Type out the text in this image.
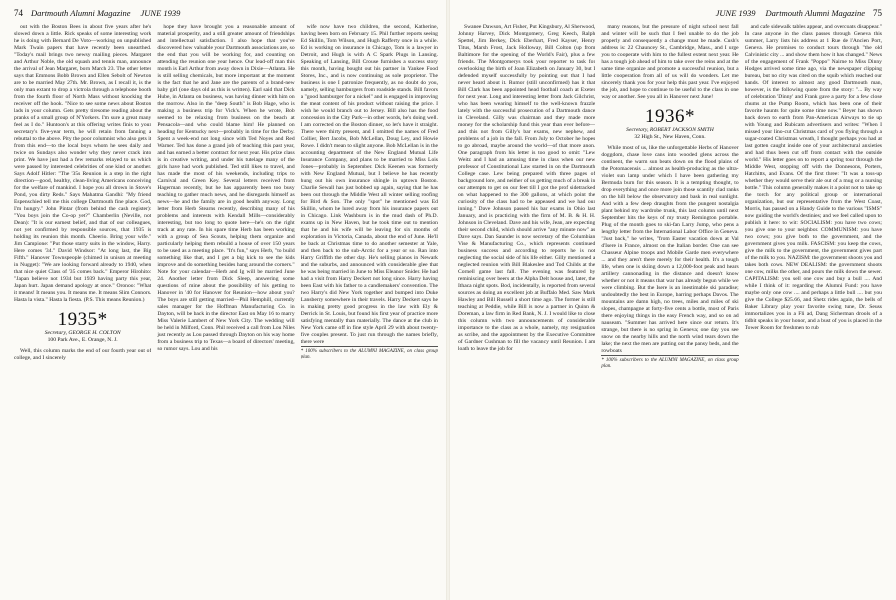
74 Dartmouth Alumni Magazine JUNE 1939

out with the Boston Bees in about five years after he's slowed down a little. Rick speaks of some interesting work he is doing with Bernard De Voto—working on unpublished Mark Twain papers that have recently been unearthed. "Today's mail brings two newsy mailing pieces. Margaret and Arthur Noble, the old squash and tennis man, announce the arrival of Jean Margaret, born March 23. The other letter says that Emmons Bobb Brown and Ellen Sebolt of Newton are to be married May 27th. Mr. Brown, as I recall it, is the only man extant to drop a victrola through a telephone booth from the fourth floor of North Mass without knocking the receiver off the hook. "Nice to see some news about Boston lads in your column. Gets pretty tiresome reading about the pranks of a small group of N'Yorkers. I'm sure a great many feel as I do." Huntoon's at this offering writes finis to your secretary's five-year term, he will retain from fanning a rebuttal to the above. Pity the poor columnist who also gets it from this end—to the local boys whom he sees daily and twice on Sundays also wonder why they never crack into print. We have just had a few remarks relayed to us which were passed by interested celebrities of one kind or another. Says Adolf Hitler: "The '35s Reunion is a step in the right direction—good, healthy, clean-living Americans conceiving for the welfare of mankind. I hope you all drown in Stove's Pond, you dirty Reds." Says Mahatma Gandhi: "My friend Espenschied tell me this college Dartmouth fine place. God, I'm hungry." John Pintar (from behind the cash register): "You boys join the Co-op yet?" Chamberlin (Neville, not Dean): "It is our earnest belief, and that of our colleagues, not yet confirmed by responsible sources, that 1935 is holding its reunion this month. Cheerio. Bring your wife." Jim Campione: "Put those starry suits in the window, Harry. Here comes '34." David Windsor: "At long last, the Big Fifth." Hanover Townspeople (chimed in unison at meeting in Nugget): "We are looking forward already to 1940, when that nice quiet Class of '35 comes back." Emperor Hirohito: "Japan believe not 1934 but 1939 having party this year, Japan hurt. Japan demand apology at once." Oronoo: "What it means! It means you. It means me. It means Slim Connors. Hasta la vista." Hasta la fiesta. (P.S. This means Reunion.)

1935*
Secretary, GEORGE H. COLTON
100 Park Ave., E. Orange, N. J.

Well, this column marks the end of our fourth year out of college, and I sincerely

hope they have brought you a reasonable amount of material prosperity, and a still greater amount of friendships and intellectual satisfaction. I also hope that you've discovered how valuable your Dartmouth associations are, so the end that you will be working for, and counting on attending the reunion one year hence. Our lead-off man this month is Earl Arthur from away down in Dixie—Atlanta. He is still selling chemicals, but more important at the moment is the fact that he and Jane are the parents of a brand-new baby girl (one days old as this is written). Earl said that Dick Hube, in Atlanta on business, was having dinner with him on the morrow. Also in the "deep South" is Bob Hage, who is making a business trip for Vick's. When he wrote, Bob seemed to be relaxing from business on the beach at Pensacola—and who could blame him! He planned on heading for Kentucky next—probably in time for the Derby. Spent a week-end not long since with Ted Noyes and Red Warner. Ted has done a grand job of teaching this past year, and has earned a better contract for next year. His prize class is in creative writing, and under his tutelage many of the girls have had work published. Ted still likes to travel, and has made the most of his weekends, including trips to Carnival and Green Key. Several letters received from Hagerman recently, but he has apparently been too busy teaching to gather much news, and he disregards himself as news—he and the family are in good health anyway. Long letter from Herb Stearns recently, describing many of his problems and interests with Kendall Mills—considerably interesting, but too long to quote here—he's on the right track at any rate. In his spare time Herb has been working with a group of Sea Scouts, helping them organize and particularly helping them rebuild a house of over 150 years to be used as a meeting place. "It's fun," says Herb, "to build something like that, and I get a big kick to see the kids improve and do something besides hang around the corners." Note for your calendar—Herb and Ig will be married June 24. Another letter from Dick Sleep, answering some questions of mine about the possibility of his getting to Hanover in '40 for Hanover for Reunion—how about you? The boys are still getting married—Phil Hemphill, currently sales manager for the Hoffman Manufacturing Co. in Dayton, will be back in the director East on May 16 to marry Miss Valerie Lambert of New York City. The wedding will be held in Milford, Conn. Phil received a call from Lou Niles just recently as Lou passed through Dayton on his way home from a business trip to Texas—a board of directors' meeting, so rumor says. Lou and his

wife now have two children, the second, Katherine, having been born on February 15. Phil further reports seeing Ed Skillin, Tom Wilson, and Hugh Rafferty once in a while. Ed is working on insurance in Chicago, Tom is a lawyer in Detroit, and Hugh is with A C Spark Plugs in Lansing. Speaking of Lansing, Bill Crouse furnishes a success story this month, having bought out his partner in Yankee Food Stores, Inc., and is now continuing as sole proprietor. The business is one I patronize frequently, as no doubt do you, namely, selling hamburgers from roadside stands. Bill favors a "good hamburger for a nickel" and is engaged in improving the meat content of his product without raising the price. I wish he would branch out to Jersey. Bill also has the food concession in the City Park—in other words, he's doing well. I am corrected on the Boston dinner, so let's have it straight. There were thirty present, and I omitted the names of Fred Collier, Bert Jacobs, Bob McLellan, Doug Ley, and Howie Rowe. I didn't mean to slight anyone. Bob McLellan is in the accounting department of the New England Mutual Life Insurance Company, and plans to be married to Miss Lois Jones—probably in September. Dick Keenen was formerly with New England Mutual, but I believe he has recently hung out his own insurance shingle in uptown Boston. Charlie Sewall has just bobbed up again, saying that he has been out through the Middle West all winter selling roofing for Bird & Son. The only "spot" he mentioned was Ed Skillin, whom he lured away from his insurance papers out in Chicago. Link Washburn is in the mud dash of Ph.D. exams up in New Haven, but he took time out to mention that he and his wife will be leaving for six months of exploration in Victoria, Canada, about the end of June. He'll be back at Christmas time to do another semester at Yale, and then back to the sub-Arctic for a year or so. Ran into Harry Griffith the other day. He's selling pianos in Newark and the suburbs, and announced with considerable glee that he was being married in June to Miss Eleanor Snider. He had had a visit from Harry Deckert not long since. Harry having been East with his father to a candlemakers' convention. The two Harry's did New York together and bumped into Duke Lansberry somewhere in their travels. Harry Deckert says he is making pretty good progress in the law with Ely & Derrick in St. Louis, but found his first year of practice more satisfying mentally than materially. The dance at the club in New York came off in fine style April 29 with about twenty-five couples present. To just run through the names briefly, there were

* 100% subscribers to the ALUMNI MAGAZINE, on class group plan.

JUNE 1939 Dartmouth Alumni Magazine 75

Swanee Dawson, Art Fisher, Put Kingsbury, Al Sherwood, Johnny Harvey, Dick Montgomery, Greg Keech, Ralph Spettel, Jim Berkey, Dick Eberhart, Fred Kayser, Henry Titus, Marsh Frost, Jack Holloway, Bill Colton (up from Baltimore for the opening of the World's Fair), plus a few friends. The Montgomerys took your reporter to task for overlooking the birth of Joan Elizabeth on January 30, but I defended myself successfully by pointing out that I had never heard about it. Rumor (still unconfirmed) has it that Bill Clark has been appointed head football coach at Exeter for next year. Long and interesting letter from Jack Gilchrist, who has been wearing himself to the well-known frazzle lately with the successful prosecution of a Dartmouth dance in Cleveland. Gilly was chairman and they made more money for the scholarship fund this year than ever before—and this not from Gilly's bar exams, new nephew, and problems of a job in the fall. From July to October he hopes to go abroad, maybe around the world—of that more anon. One paragraph from his letter is too good to omit: "Lew Weitz and I had an amusing time in class when our new professor of Constitutional Law started in on the Dartmouth College case. Lew being prepared with three pages of background lore, and neither of us getting much of a break in our attempts to get on our feet till I got the prof sidetracked on what happened to the 300 gallons, at which point the curiosity of the class had to be appeased and we had our inning." Dave Johnson passed his bar exams in Ohio last January, and is practicing with the firm of M. B. & H. H. Johnson in Cleveland. Dave and his wife, Jean, are expecting their second child, which should arrive "any minute now" as Dave says. Dan Saunder is now secretary of the Columbian Vise & Manufacturing Co., which represents continued business success and according to reports he is not neglecting the social side of his life either. Gilly mentioned a neglected reunion with Bill Blakeslee and Tod Childs at the Cornell game last fall. The evening was featured by reminiscing over beers at the Alpha Delt house and, later, the Ithaca night spots. Bod, incidentally, is reported from several sources as doing an excellent job at Buffalo Med. Saw Mark Hawley and Bill Russell a short time ago. The former is still teaching at Peddie, while Bill is now a partner in Quinn & Doreman, a law firm in Red Bank, N. J. I would like to close this column with two announcements of considerable importance to the class as a whole, namely, my resignation as scribe, and the appointment by the Executive Committee of Gardner Cushman to fill the vacancy until Reunion. I am loath to leave the job for

many reasons, but the pressure of night school next fall and winter will be such that I feel unable to do the job properly and consequently a change must be made. Cush's address is: 22 Chauncey St., Cambridge, Mass., and I urge you to cooperate with him to the fullest extent next year. He has a tough job ahead of him to take over the reins and at the same time organize and promote a successful reunion, but a little cooperation from all of us will do wonders. Let me sincerely thank you for your help this past year. I've enjoyed the job, and hope to continue to be useful to the class in one way or another. See you all in Hanover next June!

1936*
Secretary, ROBERT JACKSON SMITH
32 High St., New Haven, Conn.

While most of us, like the unforgettable Herbs of Hanover doggdom, chase love cans into wooded glens across the continent, the warm sun beats down on the flood plains of the Potomacensis ... almost as health-producing as the ultra-violet sun lamp under which I have been gathering my Bermuda burn for this season. It is a tempting thought, to drop everything and once more join those scantily clad ranks on the hill below the observatory and bask in real sunlight. And with a few deep draughts from the pungent nostalgia plant behind my wardrobe trunk, this last column until next September hits the keys of my trusty Remington portable. Plug of the month goes to ski-fan Larry Jump, who pens a lengthy letter from the International Labor Office in Geneva. "Just back," he writes, "from Easter vacation down at Val d'Isere in France, almost on the Italian border. One can see Chasseur Alpine troops and Mobile Garde men everywhere ... and they aren't there merely for their health. It's a tough life, when one is skiing down a 12,000-foot peak and hears artillery cannonading in the distance and doesn't know whether or not it means that war has already begun while we were climbing. But the Isere is an inestimable ski paradise; undoubtedly the best in Europe, barring perhaps Davos. The mountains are damn high, no trees, miles and miles of ski slopes, champagne at forty-five cents a bottle, most of Paris there enjoying things in the easy French way, and so on ad nauseam. "Summer has arrived here since our return. It's strange, but there is no spring in Geneva; one day you see snow on the nearby hills and the north wind tears down the lake; the next the men are putting out the pansy beds, and the rowboats

* 100% subscribers to the ALUMNI MAGAZINE, on class group plan.

and cafe sidewalk tables appear, and overcoats disappear." In case anyone in the class passes through Geneva this summer, Larry lists his address at 1 Rue de l'Ancien Port, Geneva. He promises to conduct tours through "the old Calvinistic city ... and show them how it has changed." News of the engagement of Frank "Poppo" Nairne to Miss Dinny Hodges arrived some time ago, via the newspaper clipping bureau, but no city was cited on the squib which reached our hands. Of interest to almost any good Dartmouth man, however, is the following quote from the story: "... By way of celebration 'Dinny' and Frank gave a party for a few close chums at the Pump Room, which has been one of their favorite haunts for quite some time now." Beyer has shown back down to earth from Pan-American Airways to tie up with Young and Rubicam advertisers and writes: "When I missed your lino-cut Christmas card of you flying through a sugar-coated Christmas wreath, I thought perhaps you had at last gotten caught inside one of your architectural anxieties and had thus been cut off from contact with the outside world." His letter goes on to report a spring tour through the Middle West, stopping off with the Donnesons, Porters, Hatchitts, and Evans. Of the first three: "It was a toss-up whether they would serve their ale out of a mug or a nursing bottle." This column generally makes it a point not to take up the torch for any political group or international organization, but our representative from the West Coast, Morris, has passed on a Handy Guide to the various "ISMS" now guiding the world's destinies; and we feel called upon to publish it here: to wit: SOCIALISM: you have two cows; you give one to your neighbor. COMMUNISM: you have two cows; you give both to the government, and the government gives you milk. FASCISM: you keep the cows, give the milk to the government, the government gives part of the milk to you. NAZISM: the government shoots you and takes both cows. NEW DEALISM: the government shoots one cow, milks the other, and pours the milk down the sewer. CAPITALISM: you sell one cow and buy a bull .... And while I think of it: regarding the Alumni Fund: you have maybe only one cow .... and perhaps a little bull .... but you give the College $25.66, and Shetz rides again, the bells of Baker Library play your favorite swing tune, Dr. Seuss immortalizes you in a Fli ad, Dang Sicherman drools of a tidbit speaks in your honor, and a bust of you is placed in the Tower Room for freshmen to rub
